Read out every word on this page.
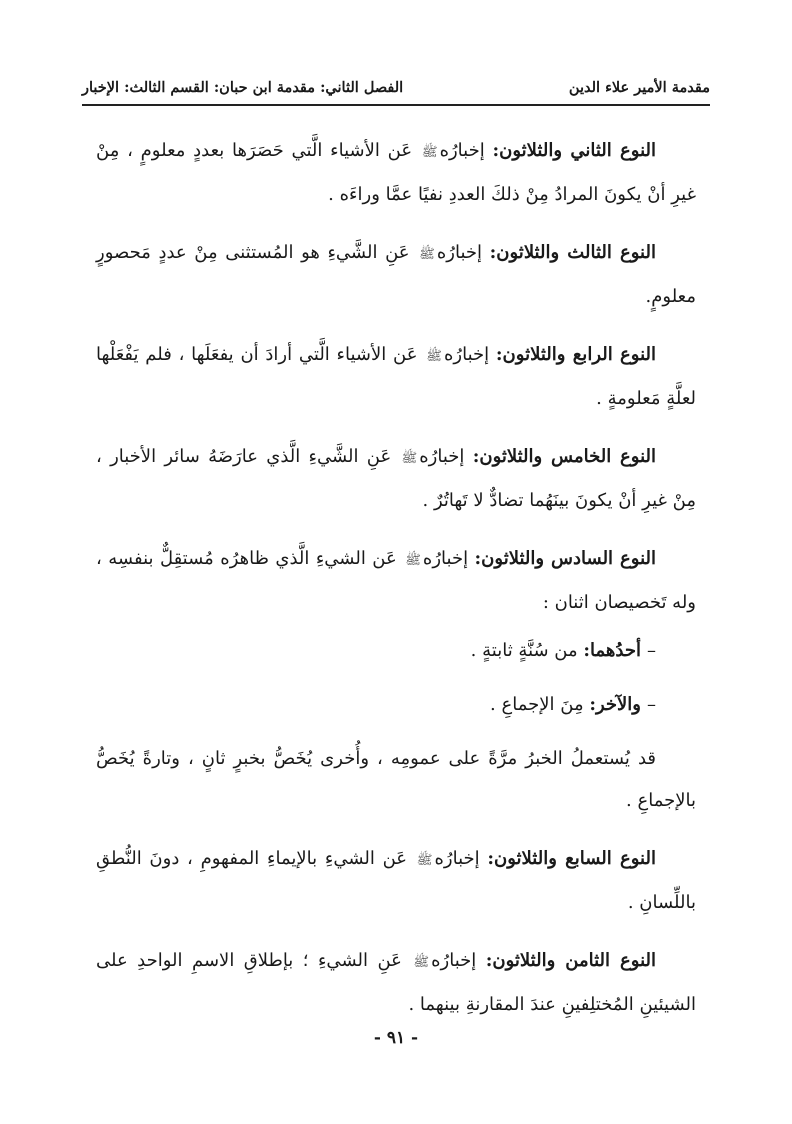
مقدمة الأمير علاء الدين
الفصل الثاني: مقدمة ابن حبان: القسم الثالث: الإخبار

النوع الثاني والثلاثون: إخبارُهﷺ عَن الأشياء الَّتي حَصَرَها بعددٍ معلومٍ ، مِنْ غيرِ أنْ يكونَ المرادُ مِنْ ذلكَ العددِ نفيًا عمَّا وراءَه .

النوع الثالث والثلاثون: إخبارُهﷺ عَنِ الشَّيءِ هو المُستثنى مِنْ عددٍ مَحصورٍ معلومٍ.

النوع الرابع والثلاثون: إخبارُهﷺ عَن الأشياء الَّتي أرادَ أن يفعَلَها ، فلم يَفْعَلْها لعلَّةٍ مَعلومةٍ .

النوع الخامس والثلاثون: إخبارُهﷺ عَنِ الشَّيءِ الَّذي عارَضَهُ سائر الأخبار ، مِنْ غيرِ أنْ يكونَ بينَهُما تضادٌّ لا تَهاتُرٌ .

النوع السادس والثلاثون: إخبارُهﷺ عَن الشيءِ الَّذي ظاهرُه مُستقِلٌّ بنفسِه ، وله تَخصيصان اثنان :

–أحدُهما: من سُنَّةٍ ثابتةٍ .
–والآخر: مِنَ الإجماعِ .

قد يُستعملُ الخبرُ مرَّةً على عمومِه ، وأُخرى يُخَصُّ بخبرٍ ثانٍ ، وتارةً يُخَصُّ بالإجماعِ .

النوع السابع والثلاثون: إخبارُهﷺ عَن الشيءِ بالإيماءِ المفهومِ ، دونَ النُّطقِ باللِّسانِ .

النوع الثامن والثلاثون: إخبارُهﷺ عَنِ الشيءِ ؛ بإطلاقِ الاسمِ الواحدِ على الشيئينِ المُختلِفينِ عندَ المقارنةِ بينهما .

- ٩١ -
